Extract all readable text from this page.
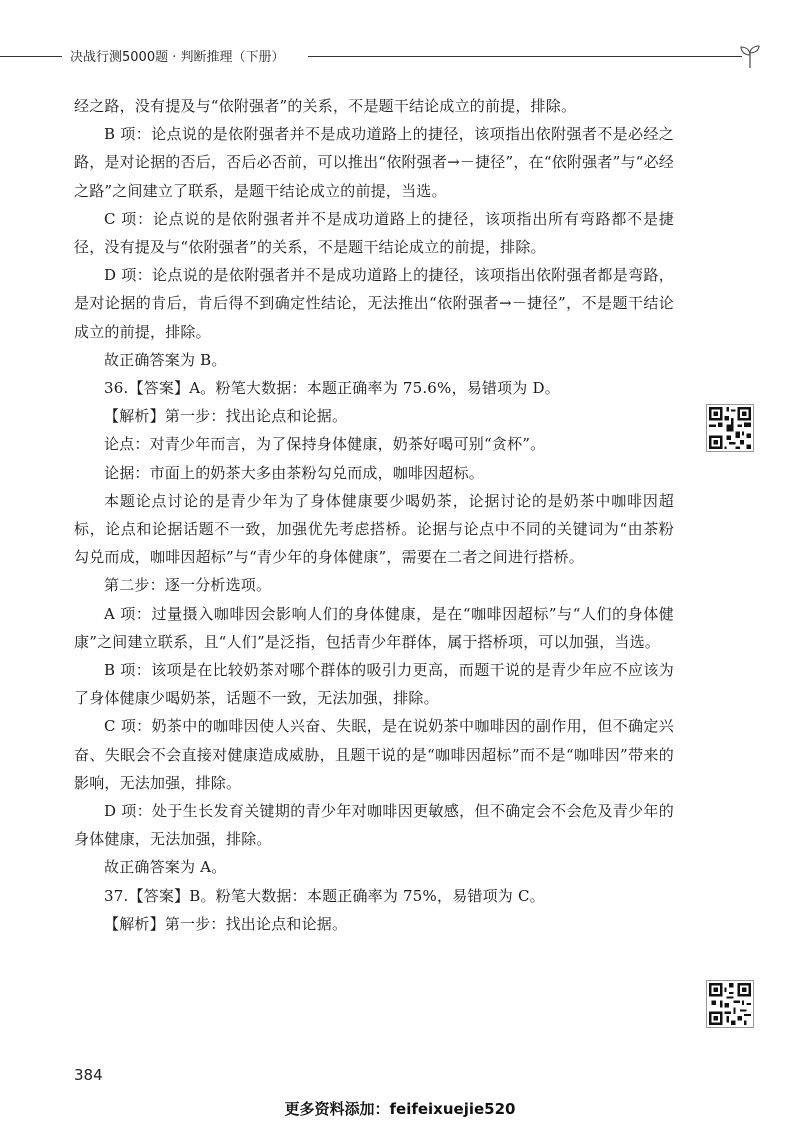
决战行测5000题 · 判断推理（下册）

经之路，没有提及与“依附强者”的关系，不是题干结论成立的前提，排除。

B 项：论点说的是依附强者并不是成功道路上的捷径，该项指出依附强者不是必经之路，是对论据的否后，否后必否前，可以推出“依附强者→－捷径”，在“依附强者”与“必经之路”之间建立了联系，是题干结论成立的前提，当选。

C 项：论点说的是依附强者并不是成功道路上的捷径，该项指出所有弯路都不是捷径，没有提及与“依附强者”的关系，不是题干结论成立的前提，排除。

D 项：论点说的是依附强者并不是成功道路上的捷径，该项指出依附强者都是弯路，是对论据的肯后，肯后得不到确定性结论，无法推出“依附强者→－捷径”，不是题干结论成立的前提，排除。

故正确答案为 B。

36.【答案】A。粉笔大数据：本题正确率为 75.6%，易错项为 D。

【解析】第一步：找出论点和论据。

论点：对青少年而言，为了保持身体健康，奶茶好喝可别“贪杯”。

论据：市面上的奶茶大多由茶粉勾兑而成，咖啡因超标。

本题论点讨论的是青少年为了身体健康要少喝奶茶，论据讨论的是奶茶中咖啡因超标，论点和论据话题不一致，加强优先考虑搭桥。论据与论点中不同的关键词为“由茶粉勾兑而成，咖啡因超标”与“青少年的身体健康”，需要在二者之间进行搭桥。

第二步：逐一分析选项。

A 项：过量摄入咖啡因会影响人们的身体健康，是在“咖啡因超标”与“人们的身体健康”之间建立联系，且“人们”是泛指，包括青少年群体，属于搭桥项，可以加强，当选。

B 项：该项是在比较奶茶对哪个群体的吸引力更高，而题干说的是青少年应不应该为了身体健康少喝奶茶，话题不一致，无法加强，排除。

C 项：奶茶中的咖啡因使人兴奋、失眠，是在说奶茶中咖啡因的副作用，但不确定兴奋、失眠会不会直接对健康造成威胁，且题干说的是“咖啡因超标”而不是“咖啡因”带来的影响，无法加强，排除。

D 项：处于生长发育关键期的青少年对咖啡因更敏感，但不确定会不会危及青少年的身体健康，无法加强，排除。

故正确答案为 A。

37.【答案】B。粉笔大数据：本题正确率为 75%，易错项为 C。

【解析】第一步：找出论点和论据。

384
更多资料添加：feifeixuejie520
